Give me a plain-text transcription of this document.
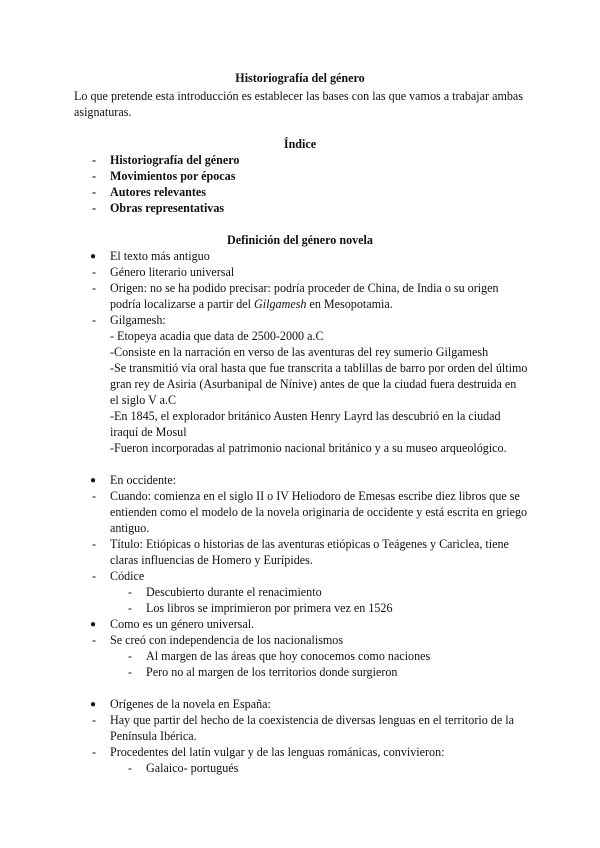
Historiografía del género
Lo que pretende esta introducción es establecer las bases con las que vamos a trabajar ambas
asignaturas.
Índice
- Historiografía del género
- Movimientos por épocas
- Autores relevantes
- Obras representativas
Definición del género novela
● El texto más antiguo
- Género literario universal
- Origen: no se ha podido precisar: podría proceder de China, de India o su origen
podría localizarse a partir del Gilgamesh en Mesopotamia.
- Gilgamesh:
- Etopeya acadia que data de 2500-2000 a.C
-Consiste en la narración en verso de las aventuras del rey sumerio Gilgamesh
-Se transmitió vía oral hasta que fue transcrita a tablillas de barro por orden del último
gran rey de Asiria (Asurbanipal de Nínive) antes de que la ciudad fuera destruida en
el siglo V a.C
-En 1845, el explorador británico Austen Henry Layrd las descubrió en la ciudad
iraquí de Mosul
-Fueron incorporadas al patrimonio nacional británico y a su museo arqueológico.
● En occidente:
- Cuando: comienza en el siglo II o IV Heliodoro de Emesas escribe diez libros que se
entienden como el modelo de la novela originaria de occidente y está escrita en griego
antiguo.
- Título: Etiópicas o historias de las aventuras etiópicas o Teágenes y Cariclea, tiene
claras influencias de Homero y Eurípides.
- Códice
- Descubierto durante el renacimiento
- Los libros se imprimieron por primera vez en 1526
● Como es un género universal.
- Se creó con independencia de los nacionalismos
- Al margen de las áreas que hoy conocemos como naciones
- Pero no al margen de los territorios donde surgieron
● Orígenes de la novela en España:
- Hay que partir del hecho de la coexistencia de diversas lenguas en el territorio de la
Península Ibérica.
- Procedentes del latín vulgar y de las lenguas románicas, convivieron:
- Galaico- portugués
